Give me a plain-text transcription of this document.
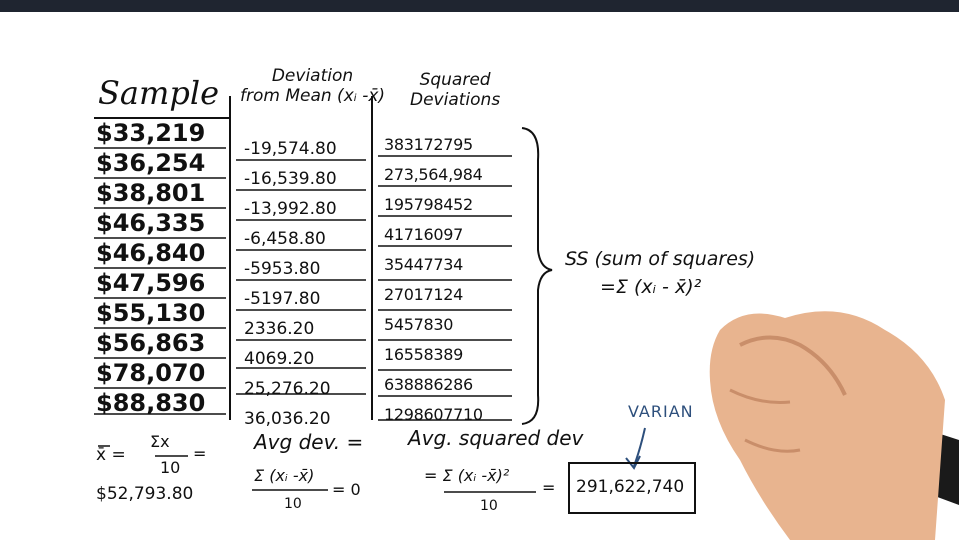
Sample	Deviation
from Mean (xᵢ -x̄)
Squared
Deviations
$33,219
$36,254
$38,801
$46,335
$46,840
$47,596
$55,130
$56,863
$78,070
$88,830
-19,574.80
-16,539.80
-13,992.80
-6,458.80
-5953.80
-5197.80
2336.20
4069.20
25,276.20
36,036.20
383172795
273,564,984
195798452
41716097
35447734
27017124
5457830
16558389
638886286
1298607710
SS (sum of squares)
=Σ (xᵢ - x̄)²
x̄ =
Σx
10
=
$52,793.80
Avg dev. =
Σ (xᵢ -x̄)
10
= 0
Avg. squared dev
= Σ (xᵢ -x̄)²
10
=
VARIAN
291,622,740
